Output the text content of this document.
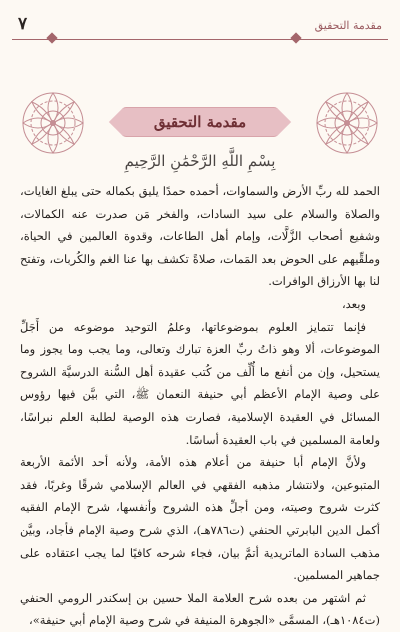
مقدمة التحقيق
٧
مقدمة التحقيق
بِسْمِ اللَّهِ الرَّحْمَٰنِ الرَّحِيمِ

الحمد لله ربِّ الأرض والسماوات، أحمده حمدًا يليق بكماله حتى يبلغ الغايات، والصلاة والسلام على سيد السادات، والفخر مَن صدرت عنه الكمالات، وشفيع أصحاب الزَّلَّات، وإمام أهل الطاعات، وقدوة العالمين في الحياة، وملقِّيهم على الحوض بعد المَمات، صلاةً تكشف بها عنا الغم والكُربات، وتفتح لنا بها الأرزاق الوافرات.

وبعد،

فإنما تتمايز العلوم بموضوعاتها، وعلمُ التوحيد موضوعه من أَجَلِّ الموضوعات، ألا وهو ذاتُ ربِّ العزة تبارك وتعالى، وما يجب وما يجوز وما يستحيل، وإن من أنفع ما أُلِّف من كُتب عقيدة أهل السُّنة الدرسيَّة الشروح على وصية الإمام الأعظم أبي حنيفة النعمان ﷺ، التي بيَّن فيها رؤوس المسائل في العقيدة الإسلامية، فصارت هذه الوصية لطلبة العلم نبراسًا، ولعامة المسلمين في باب العقيدة أساسًا.

ولأنَّ الإمام أبا حنيفة من أعلام هذه الأمة، ولأنه أحد الأئمة الأربعة المتبوعين، ولانتشار مذهبه الفقهي في العالم الإسلامي شرقًا وغربًا، فقد كثرت شروح وصيته، ومن أجلِّ هذه الشروح وأنفسها، شرح الإمام الفقيه أكمل الدين البابرتي الحنفي (ت٧٨٦هـ)، الذي شرح وصية الإمام فأجاد، وبيَّن مذهب السادة الماتريدية أتمَّ بيان، فجاء شرحه كافيًا لما يجب اعتقاده على جماهير المسلمين.

ثم اشتهر من بعده شرح العلامة الملا حسين بن إسكندر الرومي الحنفي (ت١٠٨٤هـ)، المسمَّى «الجوهرة المنيفة في شرح وصية الإمام أبي حنيفة»،
